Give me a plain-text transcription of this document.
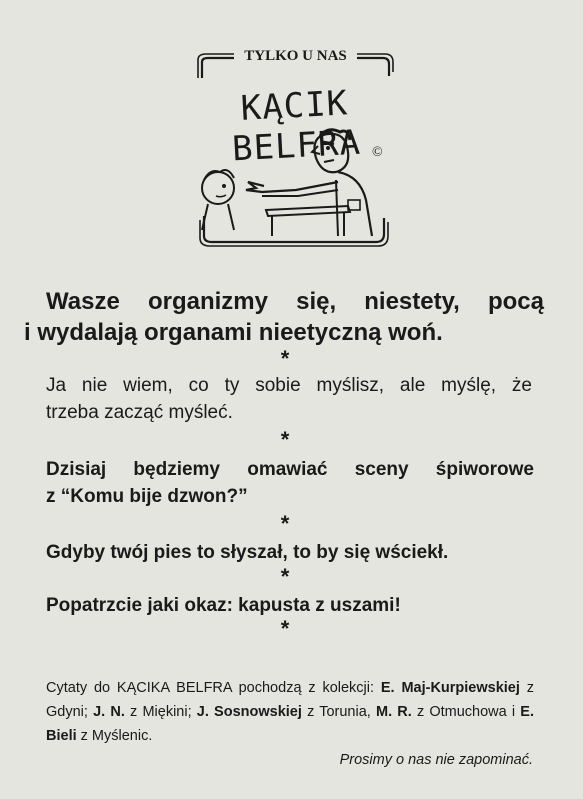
TYLKO U NAS
KĄCIK BELFRA ©
Wasze organizmy się, niestety, pocą
i wydalają organami nieetyczną woń.
*
Ja nie wiem, co ty sobie myślisz, ale myślę, że
trzeba zacząć myśleć.
*
Dzisiaj będziemy omawiać sceny śpiworowe
z “Komu bije dzwon?”
*
Gdyby twój pies to słyszał, to by się wściekł.
*
Popatrzcie jaki okaz: kapusta z uszami!
*
Cytaty do KĄCIKA BELFRA pochodzą z kolekcji: E. Maj-Kurpiewskiej z Gdyni; J. N. z Miękini; J. Sosnowskiej z Torunia, M. R. z Otmuchowa i E. Bieli z Myślenic.
Prosimy o nas nie zapominać.
